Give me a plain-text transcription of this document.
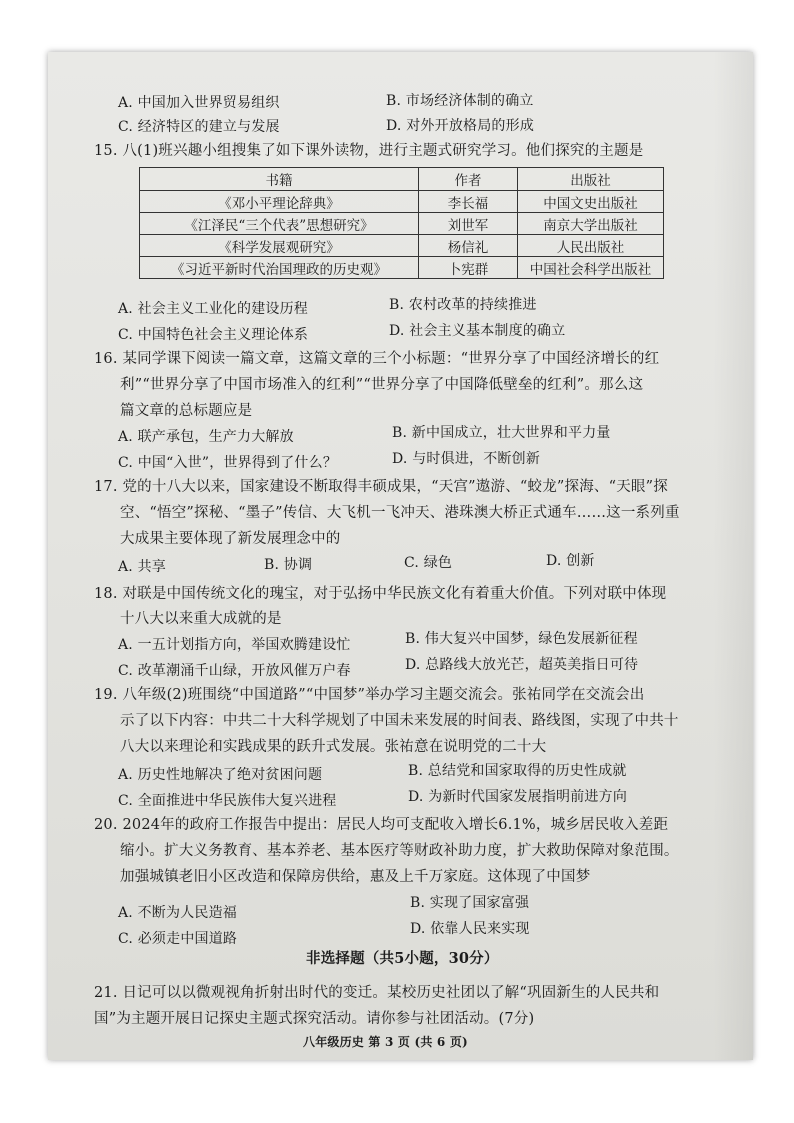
A. 中国加入世界贸易组织	B. 市场经济体制的确立
C. 经济特区的建立与发展	D. 对外开放格局的形成
15. 八(1)班兴趣小组搜集了如下课外读物，进行主题式研究学习。他们探究的主题是
书籍	作者	出版社
《邓小平理论辞典》	李长福	中国文史出版社
《江泽民“三个代表”思想研究》	刘世军	南京大学出版社
《科学发展观研究》	杨信礼	人民出版社
《习近平新时代治国理政的历史观》	卜宪群	中国社会科学出版社
A. 社会主义工业化的建设历程	B. 农村改革的持续推进
C. 中国特色社会主义理论体系	D. 社会主义基本制度的确立
16. 某同学课下阅读一篇文章，这篇文章的三个小标题：“世界分享了中国经济增长的红
利”“世界分享了中国市场准入的红利”“世界分享了中国降低壁垒的红利”。那么这
篇文章的总标题应是
A. 联产承包，生产力大解放	B. 新中国成立，壮大世界和平力量
C. 中国“入世”，世界得到了什么？	D. 与时俱进，不断创新
17. 党的十八大以来，国家建设不断取得丰硕成果，“天宫”遨游、“蛟龙”探海、“天眼”探
空、“悟空”探秘、“墨子”传信、大飞机一飞冲天、港珠澳大桥正式通车……这一系列重
大成果主要体现了新发展理念中的
A. 共享	B. 协调	C. 绿色	D. 创新
18. 对联是中国传统文化的瑰宝，对于弘扬中华民族文化有着重大价值。下列对联中体现
十八大以来重大成就的是
A. 一五计划指方向，举国欢腾建设忙	B. 伟大复兴中国梦，绿色发展新征程
C. 改革潮涌千山绿，开放风催万户春	D. 总路线大放光芒，超英美指日可待
19. 八年级(2)班围绕“中国道路”“中国梦”举办学习主题交流会。张祐同学在交流会出
示了以下内容：中共二十大科学规划了中国未来发展的时间表、路线图，实现了中共十
八大以来理论和实践成果的跃升式发展。张祐意在说明党的二十大
A. 历史性地解决了绝对贫困问题	B. 总结党和国家取得的历史性成就
C. 全面推进中华民族伟大复兴进程	D. 为新时代国家发展指明前进方向
20. 2024年的政府工作报告中提出：居民人均可支配收入增长6.1%，城乡居民收入差距
缩小。扩大义务教育、基本养老、基本医疗等财政补助力度，扩大救助保障对象范围。
加强城镇老旧小区改造和保障房供给，惠及上千万家庭。这体现了中国梦
A. 不断为人民造福
B. 实现了国家富强
C. 必须走中国道路
D. 依靠人民来实现
非选择题（共5小题，30分）
21. 日记可以以微观视角折射出时代的变迁。某校历史社团以了解“巩固新生的人民共和
国”为主题开展日记探史主题式探究活动。请你参与社团活动。(7分)
八年级历史 第 3 页 (共 6 页)
